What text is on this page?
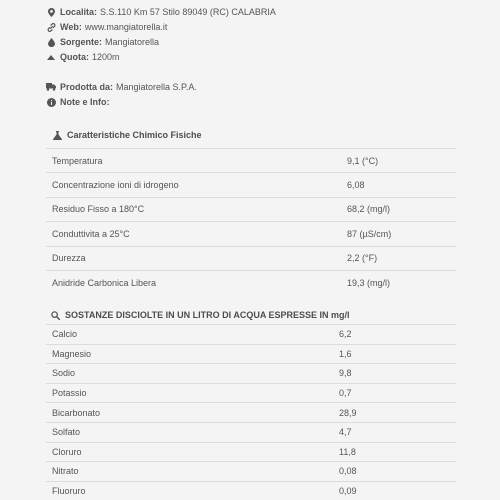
Localita: S.S.110 Km 57 Stilo 89049 (RC) CALABRIA
Web: www.mangiatorella.it
Sorgente: Mangiatorella
Quota: 1200m
Prodotta da: Mangiatorella S.P.A.
Note e Info:
Caratteristiche Chimico Fisiche
Temperatura	9,1 (°C)
Concentrazione ioni di idrogeno	6,08
Residuo Fisso a 180°C	68,2 (mg/l)
Conduttivita a 25°C	87 (µS/cm)
Durezza	2,2 (°F)
Anidride Carbonica Libera	19,3 (mg/l)
SOSTANZE DISCIOLTE IN UN LITRO DI ACQUA ESPRESSE IN mg/l
Calcio	6,2
Magnesio	1,6
Sodio	9,8
Potassio	0,7
Bicarbonato	28,9
Solfato	4,7
Cloruro	11,8
Nitrato	0,08
Fluoruro	0,09
